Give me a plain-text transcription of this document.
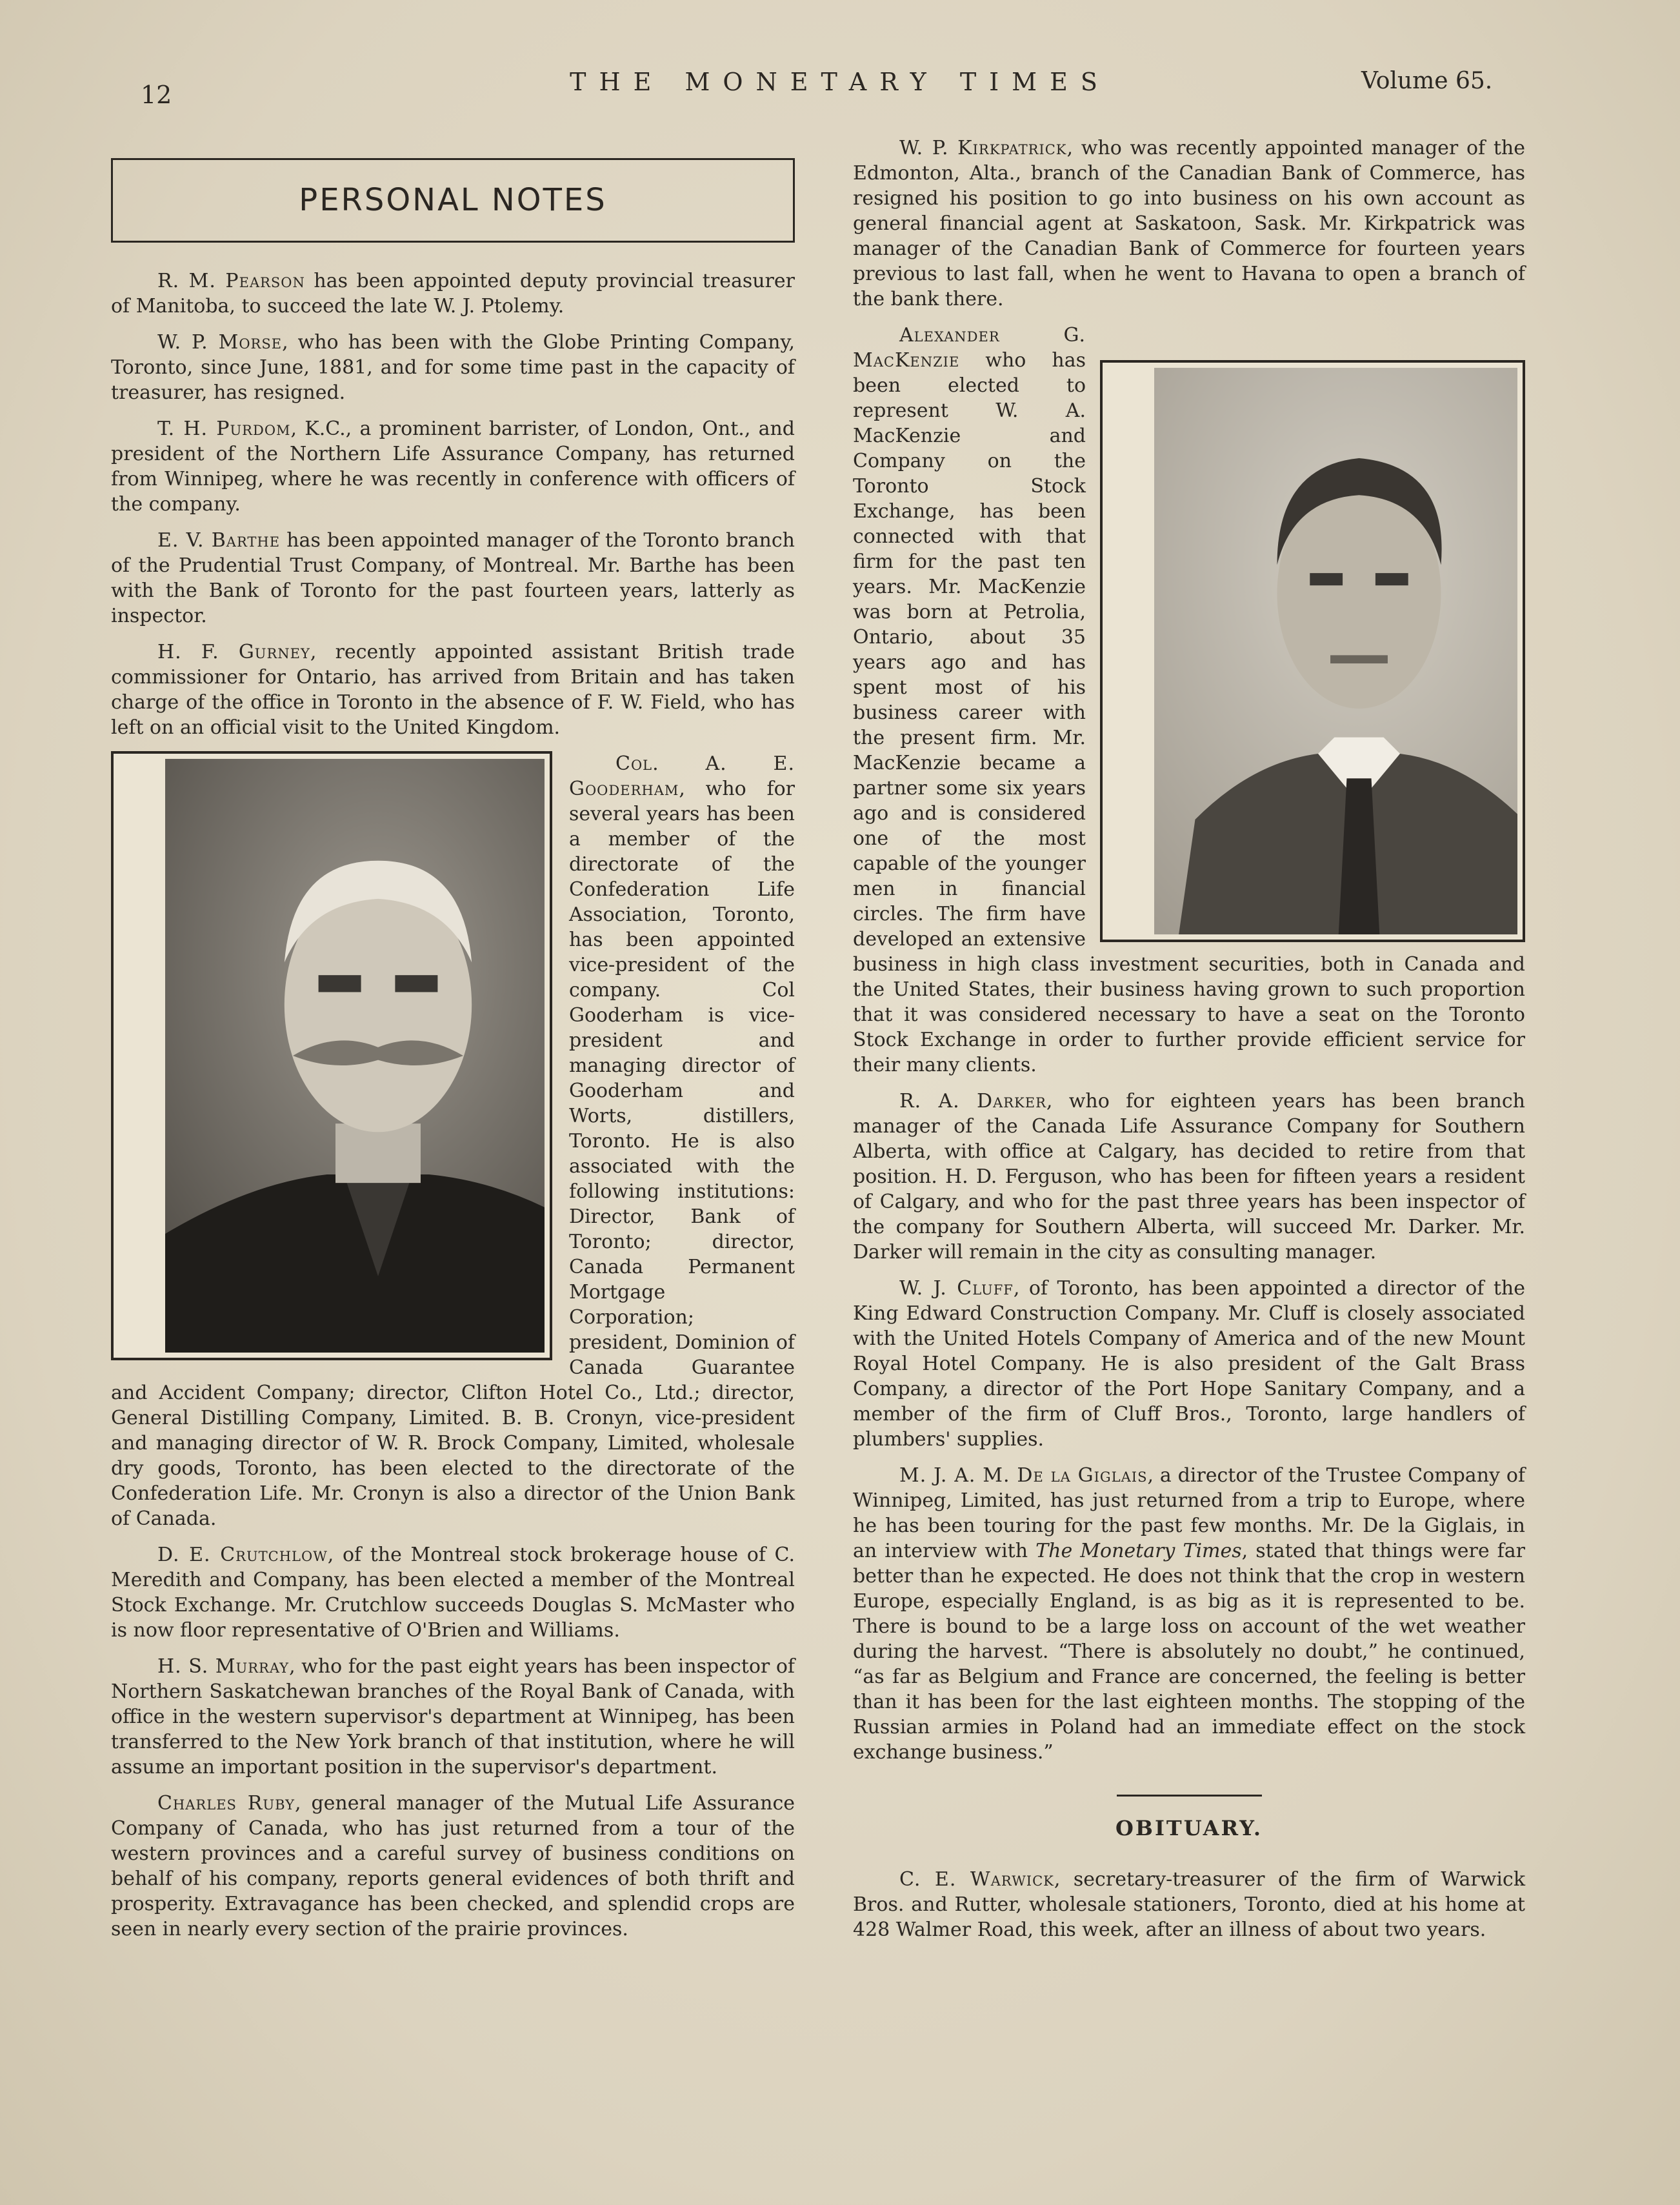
THE MONETARY TIMES
12	Volume 65.
PERSONAL NOTES

R. M. Pearson has been appointed deputy provincial treasurer of Manitoba, to succeed the late W. J. Ptolemy.

W. P. Morse, who has been with the Globe Printing Company, Toronto, since June, 1881, and for some time past in the capacity of treasurer, has resigned.

T. H. Purdom, K.C., a prominent barrister, of London, Ont., and president of the Northern Life Assurance Company, has returned from Winnipeg, where he was recently in conference with officers of the company.

E. V. Barthe has been appointed manager of the Toronto branch of the Prudential Trust Company, of Montreal. Mr. Barthe has been with the Bank of Toronto for the past fourteen years, latterly as inspector.

H. F. Gurney, recently appointed assistant British trade commissioner for Ontario, has arrived from Britain and has taken charge of the office in Toronto in the absence of F. W. Field, who has left on an official visit to the United Kingdom.

Col. A. E. Gooderham, who for several years has been a member of the directorate of the Confederation Life Association, Toronto, has been appointed vice-president of the company. Col Gooderham is vice-president and managing director of Gooderham and Worts, distillers, Toronto. He is also associated with the following institutions: Director, Bank of Toronto; director, Canada Permanent Mortgage Corporation; president, Dominion of Canada Guarantee and Accident Company; director, Clifton Hotel Co., Ltd.; director, General Distilling Company, Limited. B. B. Cronyn, vice-president and managing director of W. R. Brock Company, Limited, wholesale dry goods, Toronto, has been elected to the directorate of the Confederation Life. Mr. Cronyn is also a director of the Union Bank of Canada.

D. E. Crutchlow, of the Montreal stock brokerage house of C. Meredith and Company, has been elected a member of the Montreal Stock Exchange. Mr. Crutchlow succeeds Douglas S. McMaster who is now floor representative of O'Brien and Williams.

H. S. Murray, who for the past eight years has been inspector of Northern Saskatchewan branches of the Royal Bank of Canada, with office in the western supervisor's department at Winnipeg, has been transferred to the New York branch of that institution, where he will assume an important position in the supervisor's department.

Charles Ruby, general manager of the Mutual Life Assurance Company of Canada, who has just returned from a tour of the western provinces and a careful survey of business conditions on behalf of his company, reports general evidences of both thrift and prosperity. Extravagance has been checked, and splendid crops are seen in nearly every section of the prairie provinces.

W. P. Kirkpatrick, who was recently appointed manager of the Edmonton, Alta., branch of the Canadian Bank of Commerce, has resigned his position to go into business on his own account as general financial agent at Saskatoon, Sask. Mr. Kirkpatrick was manager of the Canadian Bank of Commerce for fourteen years previous to last fall, when he went to Havana to open a branch of the bank there.

Alexander G. MacKenzie who has been elected to represent W. A. MacKenzie and Company on the Toronto Stock Exchange, has been connected with that firm for the past ten years. Mr. MacKenzie was born at Petrolia, Ontario, about 35 years ago and has spent most of his business career with the present firm. Mr. MacKenzie became a partner some six years ago and is considered one of the most capable of the younger men in financial circles. The firm have developed an extensive business in high class investment securities, both in Canada and the United States, their business having grown to such proportion that it was considered necessary to have a seat on the Toronto Stock Exchange in order to further provide efficient service for their many clients.

R. A. Darker, who for eighteen years has been branch manager of the Canada Life Assurance Company for Southern Alberta, with office at Calgary, has decided to retire from that position. H. D. Ferguson, who has been for fifteen years a resident of Calgary, and who for the past three years has been inspector of the company for Southern Alberta, will succeed Mr. Darker. Mr. Darker will remain in the city as consulting manager.

W. J. Cluff, of Toronto, has been appointed a director of the King Edward Construction Company. Mr. Cluff is closely associated with the United Hotels Company of America and of the new Mount Royal Hotel Company. He is also president of the Galt Brass Company, a director of the Port Hope Sanitary Company, and a member of the firm of Cluff Bros., Toronto, large handlers of plumbers' supplies.

M. J. A. M. De la Giglais, a director of the Trustee Company of Winnipeg, Limited, has just returned from a trip to Europe, where he has been touring for the past few months. Mr. De la Giglais, in an interview with The Monetary Times, stated that things were far better than he expected. He does not think that the crop in western Europe, especially England, is as big as it is represented to be. There is bound to be a large loss on account of the wet weather during the harvest. “There is absolutely no doubt,” he continued, “as far as Belgium and France are concerned, the feeling is better than it has been for the last eighteen months. The stopping of the Russian armies in Poland had an immediate effect on the stock exchange business.”

OBITUARY.

C. E. Warwick, secretary-treasurer of the firm of Warwick Bros. and Rutter, wholesale stationers, Toronto, died at his home at 428 Walmer Road, this week, after an illness of about two years.
